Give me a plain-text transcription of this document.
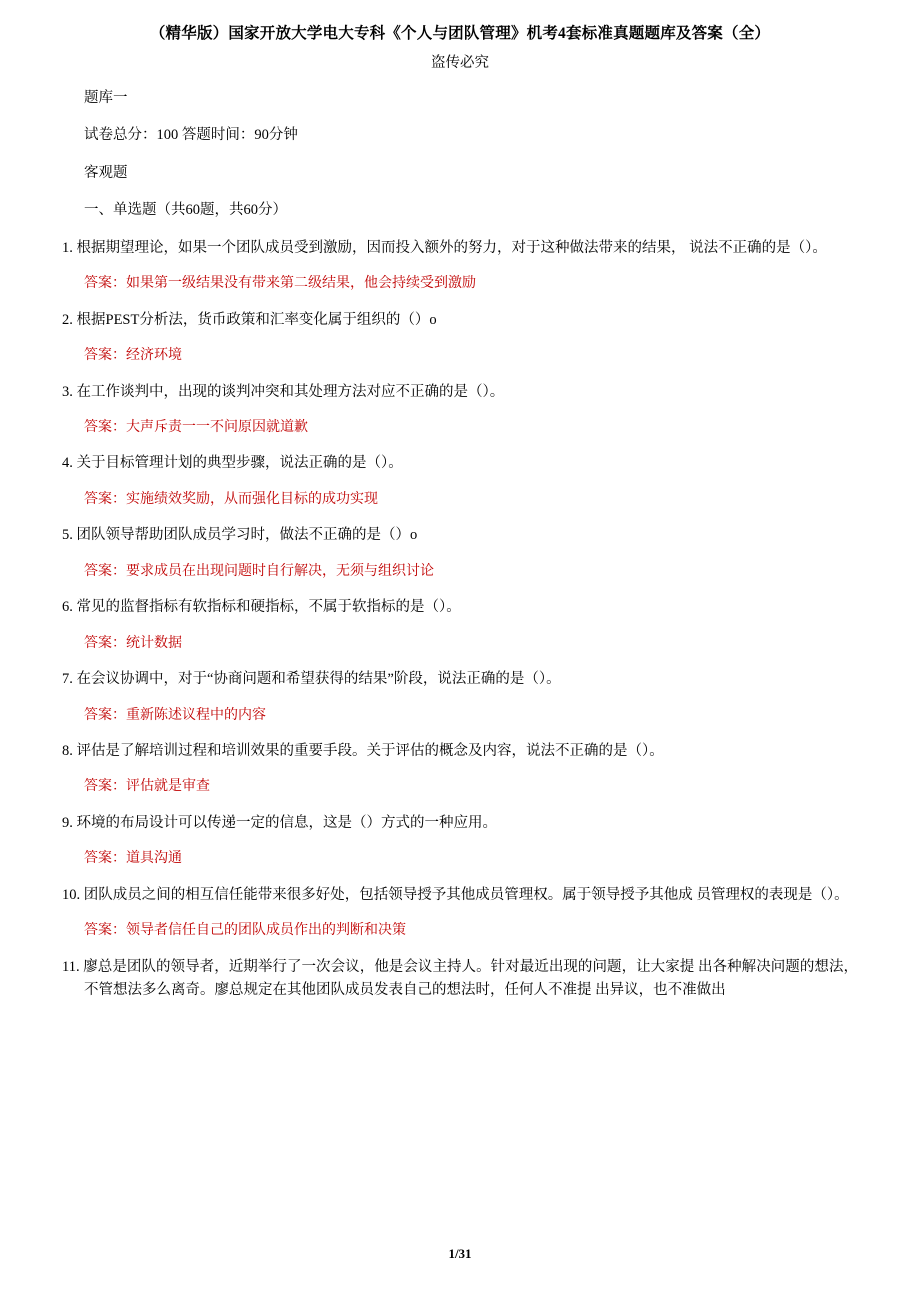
（精华版）国家开放大学电大专科《个人与团队管理》机考4套标准真题题库及答案（全）
盗传必究
题库一
试卷总分：100 答题时间：90分钟
客观题
一、单选题（共60题，共60分）
1. 根据期望理论，如果一个团队成员受到激励，因而投入额外的努力，对于这种做法带来的结果， 说法不正确的是（）。
答案：如果第一级结果没有带来第二级结果，他会持续受到激励
2. 根据PEST分析法，货币政策和汇率变化属于组织的（）o
答案：经济环境
3. 在工作谈判中，出现的谈判冲突和其处理方法对应不正确的是（）。
答案：大声斥责一一不问原因就道歉
4. 关于目标管理计划的典型步骤，说法正确的是（）。
答案：实施绩效奖励，从而强化目标的成功实现
5. 团队领导帮助团队成员学习时，做法不正确的是（）o
答案：要求成员在出现问题时自行解决，无须与组织讨论
6. 常见的监督指标有软指标和硬指标，不属于软指标的是（）。
答案：统计数据
7. 在会议协调中，对于“协商问题和希望获得的结果”阶段，说法正确的是（）。
答案：重新陈述议程中的内容
8. 评估是了解培训过程和培训效果的重要手段。关于评估的概念及内容，说法不正确的是（）。
答案：评估就是审查
9. 环境的布局设计可以传递一定的信息，这是（）方式的一种应用。
答案：道具沟通
10. 团队成员之间的相互信任能带来很多好处，包括领导授予其他成员管理权。属于领导授予其他成 员管理权的表现是（）。
答案：领导者信任自己的团队成员作出的判断和决策
11. 廖总是团队的领导者，近期举行了一次会议，他是会议主持人。针对最近出现的问题，让大家提 出各种解决问题的想法，不管想法多么离奇。廖总规定在其他团队成员发表自己的想法时，任何人不准提 出异议，也不准做出
1/31
